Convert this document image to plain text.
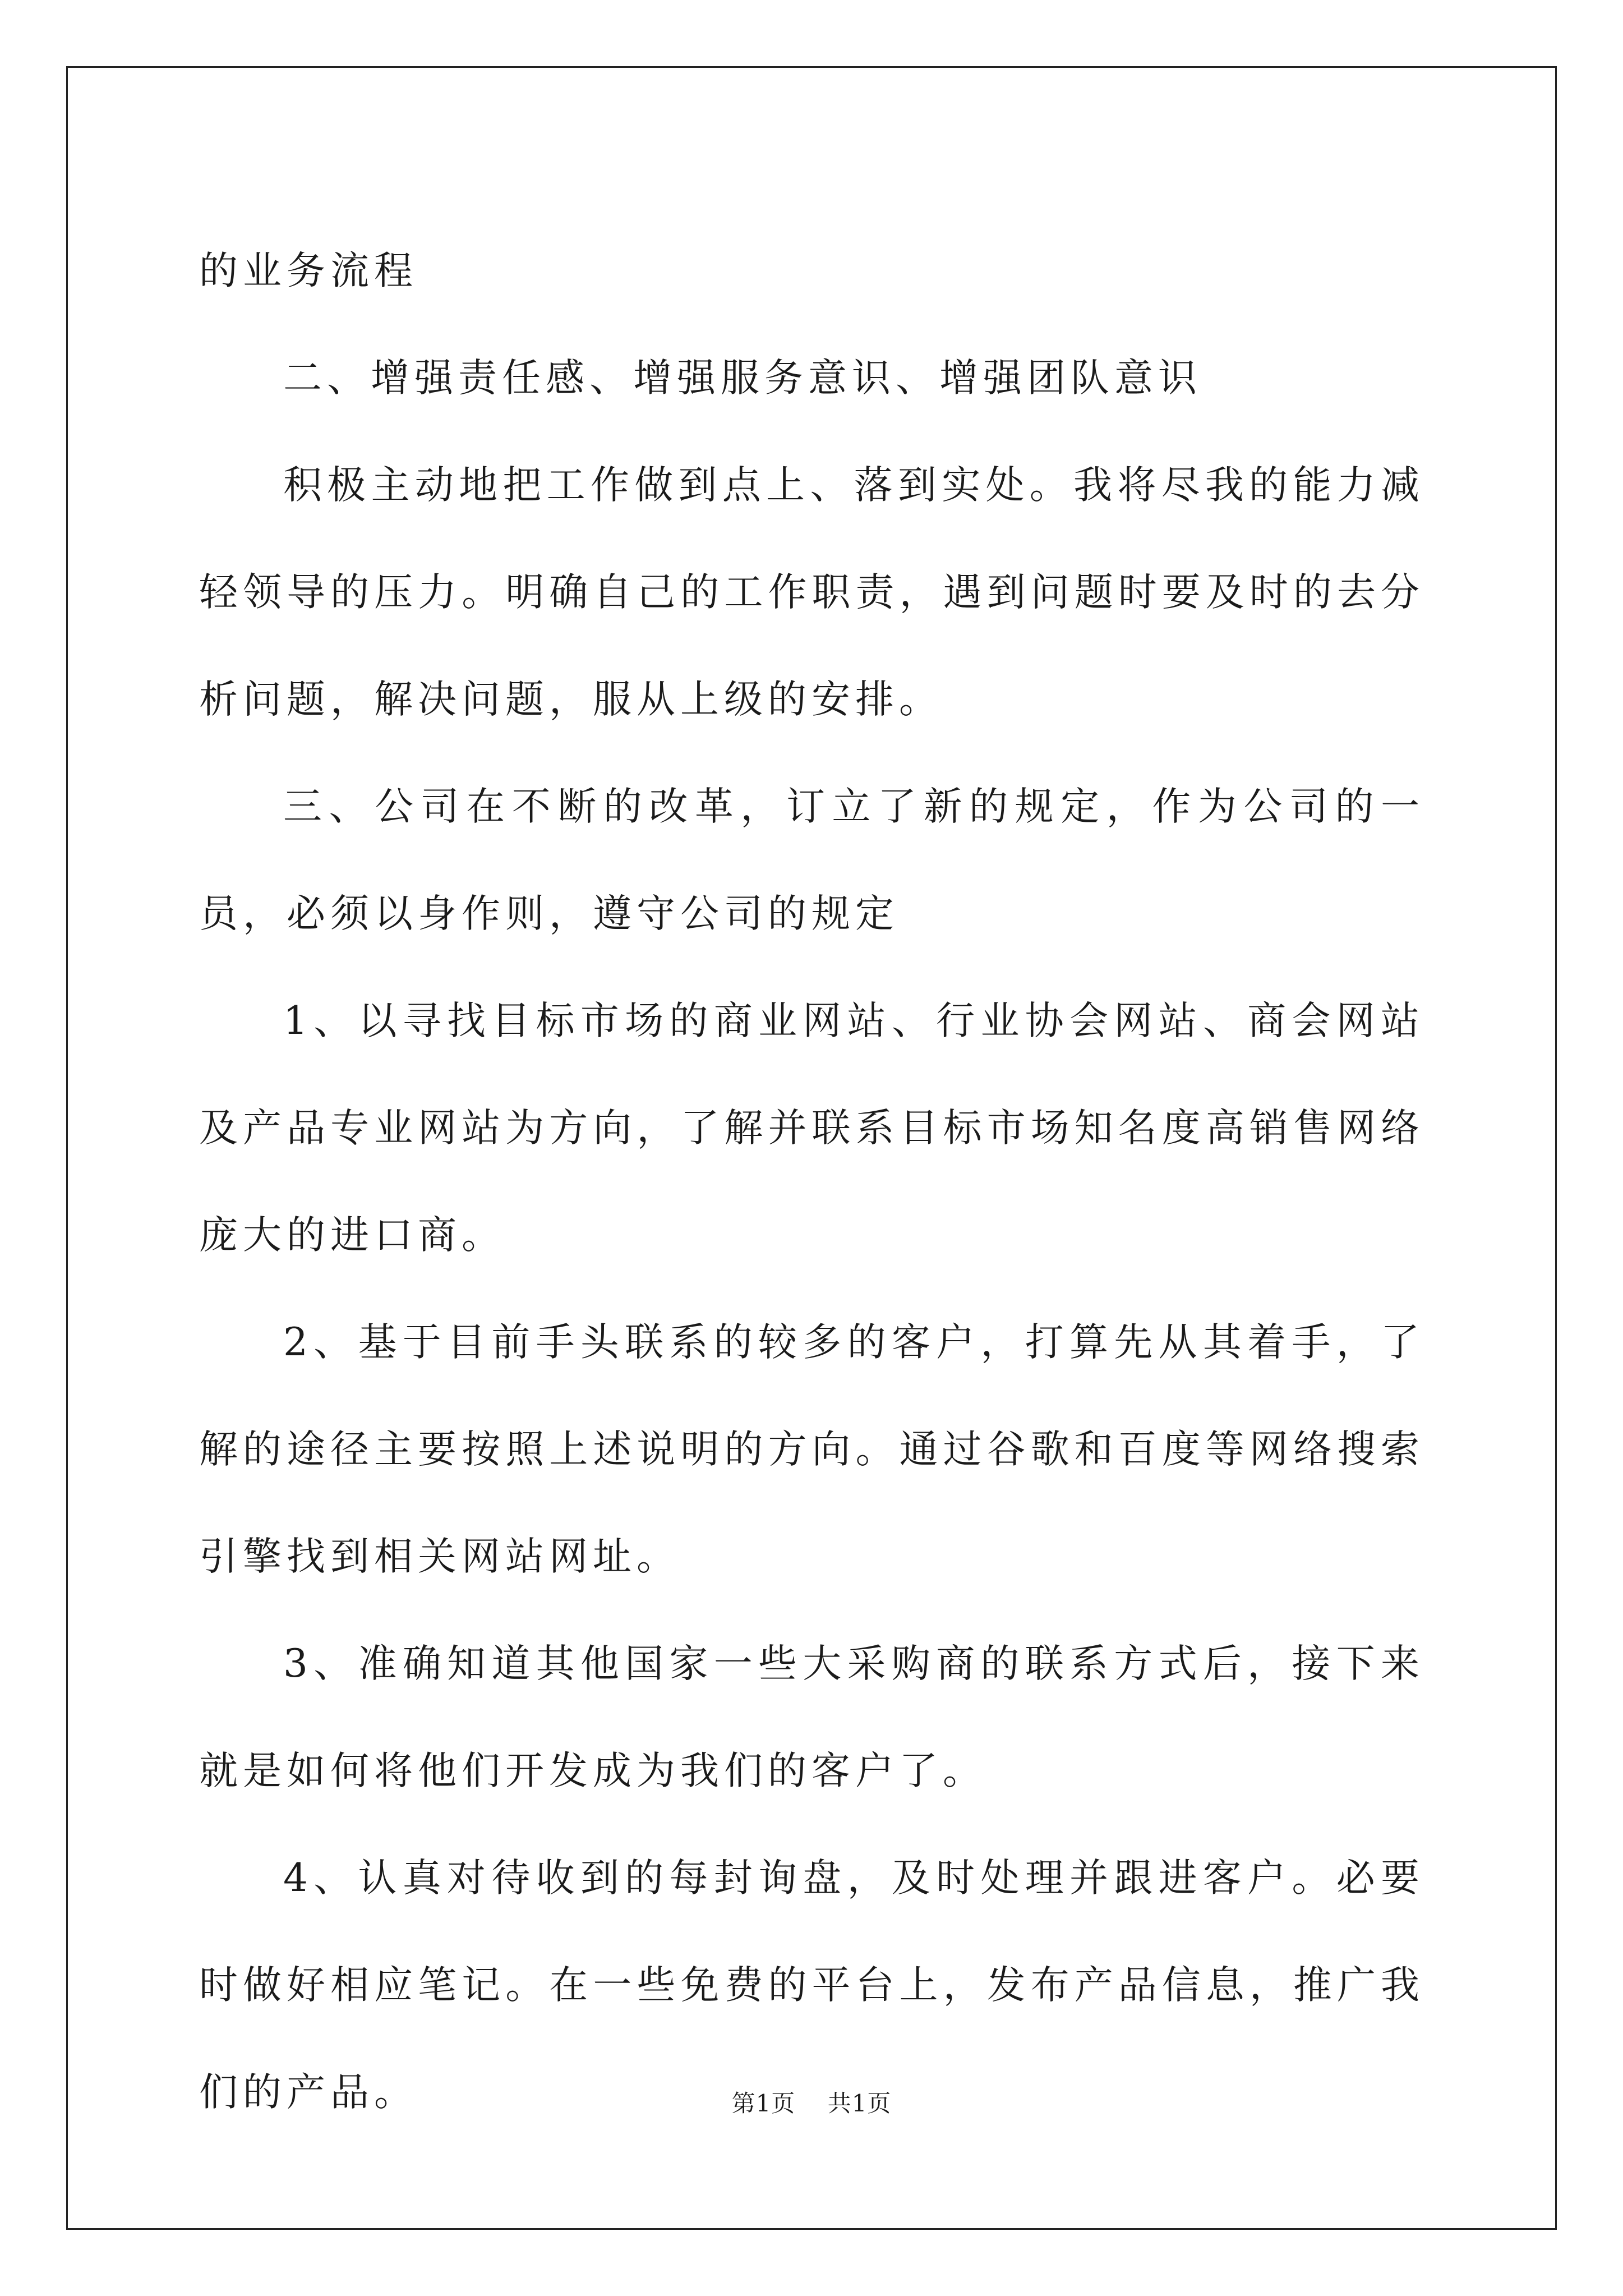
的业务流程

二、增强责任感、增强服务意识、增强团队意识

积极主动地把工作做到点上、落到实处。我将尽我的能力减轻领导的压力。明确自己的工作职责，遇到问题时要及时的去分析问题，解决问题，服从上级的安排。

三、公司在不断的改革，订立了新的规定，作为公司的一员，必须以身作则，遵守公司的规定

1、以寻找目标市场的商业网站、行业协会网站、商会网站及产品专业网站为方向，了解并联系目标市场知名度高销售网络庞大的进口商。

2、基于目前手头联系的较多的客户，打算先从其着手，了解的途径主要按照上述说明的方向。通过谷歌和百度等网络搜索引擎找到相关网站网址。

3、准确知道其他国家一些大采购商的联系方式后，接下来就是如何将他们开发成为我们的客户了。

4、认真对待收到的每封询盘，及时处理并跟进客户。必要时做好相应笔记。在一些免费的平台上，发布产品信息，推广我们的产品。	第1页 共1页
